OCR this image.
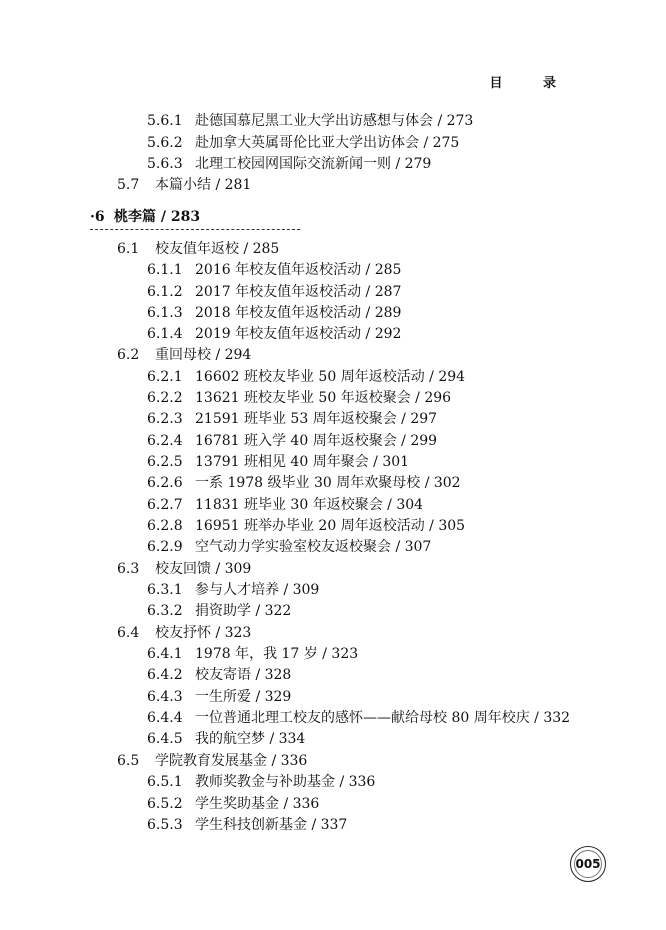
目 录
5.6.1 赴德国慕尼黑工业大学出访感想与体会 / 273
5.6.2 赴加拿大英属哥伦比亚大学出访体会 / 275
5.6.3 北理工校园网国际交流新闻一则 / 279
5.7 本篇小结 / 281
·6 桃李篇 / 283
6.1 校友值年返校 / 285
6.1.1 2016 年校友值年返校活动 / 285
6.1.2 2017 年校友值年返校活动 / 287
6.1.3 2018 年校友值年返校活动 / 289
6.1.4 2019 年校友值年返校活动 / 292
6.2 重回母校 / 294
6.2.1 16602 班校友毕业 50 周年返校活动 / 294
6.2.2 13621 班校友毕业 50 年返校聚会 / 296
6.2.3 21591 班毕业 53 周年返校聚会 / 297
6.2.4 16781 班入学 40 周年返校聚会 / 299
6.2.5 13791 班相见 40 周年聚会 / 301
6.2.6 一系 1978 级毕业 30 周年欢聚母校 / 302
6.2.7 11831 班毕业 30 年返校聚会 / 304
6.2.8 16951 班举办毕业 20 周年返校活动 / 305
6.2.9 空气动力学实验室校友返校聚会 / 307
6.3 校友回馈 / 309
6.3.1 参与人才培养 / 309
6.3.2 捐资助学 / 322
6.4 校友抒怀 / 323
6.4.1 1978 年，我 17 岁 / 323
6.4.2 校友寄语 / 328
6.4.3 一生所爱 / 329
6.4.4 一位普通北理工校友的感怀——献给母校 80 周年校庆 / 332
6.4.5 我的航空梦 / 334
6.5 学院教育发展基金 / 336
6.5.1 教师奖教金与补助基金 / 336
6.5.2 学生奖助基金 / 336
6.5.3 学生科技创新基金 / 337
005
